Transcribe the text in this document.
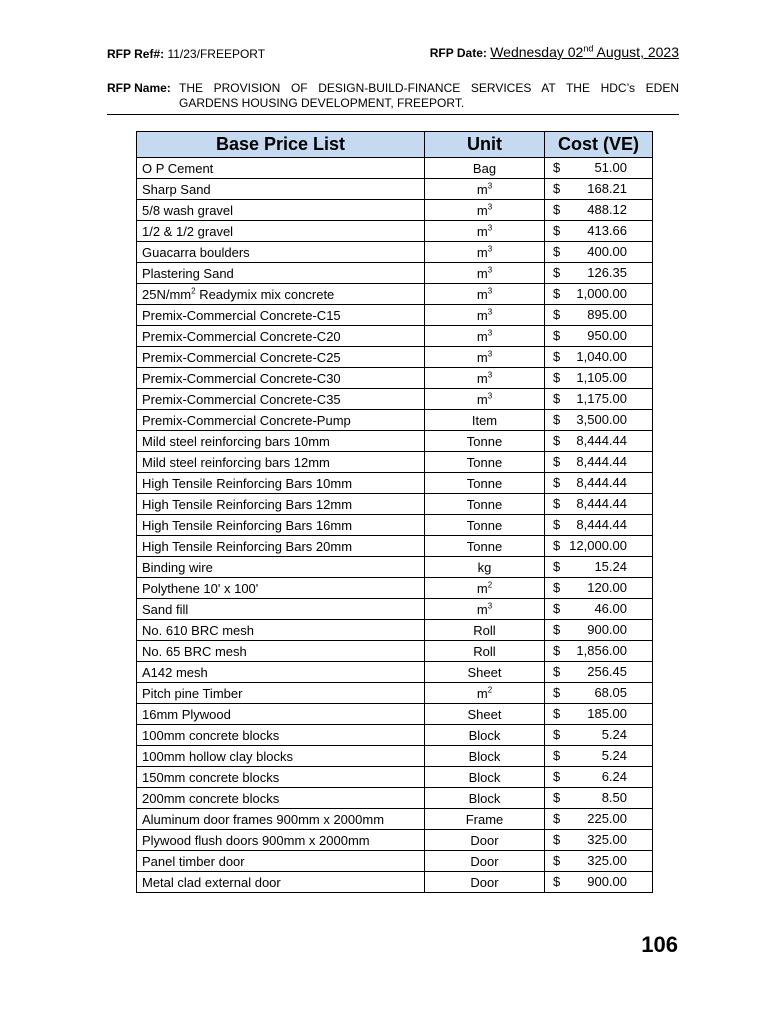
RFP Ref#: 11/23/FREEPORT	RFP Date: Wednesday 02nd August, 2023
RFP Name: THE PROVISION OF DESIGN-BUILD-FINANCE SERVICES AT THE HDC’s EDEN GARDENS HOUSING DEVELOPMENT, FREEPORT.
Base Price List	Unit	Cost (VE)
O P Cement	Bag	$ 51.00

Sharp Sand	$m^3$	$ 168.21

5/8 wash gravel	$m^3$	$ 488.12

1/2 & 1/2 gravel	$m^3$	$ 413.66

Guacarra boulders	$m^3$	$ 400.00

Plastering Sand	$m^3$	$ 126.35

$25N/mm^2$ Readymix mix concrete	$m^3$	$ 1,000.00

Premix-Commercial Concrete-C15	$m^3$	$ 895.00

Premix-Commercial Concrete-C20	$m^3$	$ 950.00

Premix-Commercial Concrete-C25	$m^3$	$ 1,040.00

Premix-Commercial Concrete-C30	$m^3$	$ 1,105.00

Premix-Commercial Concrete-C35	$m^3$	$ 1,175.00

Premix-Commercial Concrete-Pump	Item	$ 3,500.00

Mild steel reinforcing bars 10mm	Tonne	$ 8,444.44

Mild steel reinforcing bars 12mm	Tonne	$ 8,444.44

High Tensile Reinforcing Bars 10mm	Tonne	$ 8,444.44

High Tensile Reinforcing Bars 12mm	Tonne	$ 8,444.44

High Tensile Reinforcing Bars 16mm	Tonne	$ 8,444.44

High Tensile Reinforcing Bars 20mm	Tonne	$ 12,000.00

Binding wire	kg	$ 15.24

Polythene 10' x 100'	$m^2$	$ 120.00

Sand fill	$m^3$	$ 46.00

No. 610 BRC mesh	Roll	$ 900.00

No. 65 BRC mesh	Roll	$ 1,856.00

A142 mesh	Sheet	$ 256.45

Pitch pine Timber	$m^2$	$ 68.05

16mm Plywood	Sheet	$ 185.00

100mm concrete blocks	Block	$ 5.24

100mm hollow clay blocks	Block	$ 5.24

150mm concrete blocks	Block	$ 6.24

200mm concrete blocks	Block	$ 8.50

Aluminum door frames 900mm x 2000mm	Frame	$ 225.00

Plywood flush doors 900mm x 2000mm	Door	$ 325.00

Panel timber door	Door	$ 325.00

Metal clad external door	Door	$ 900.00
106
